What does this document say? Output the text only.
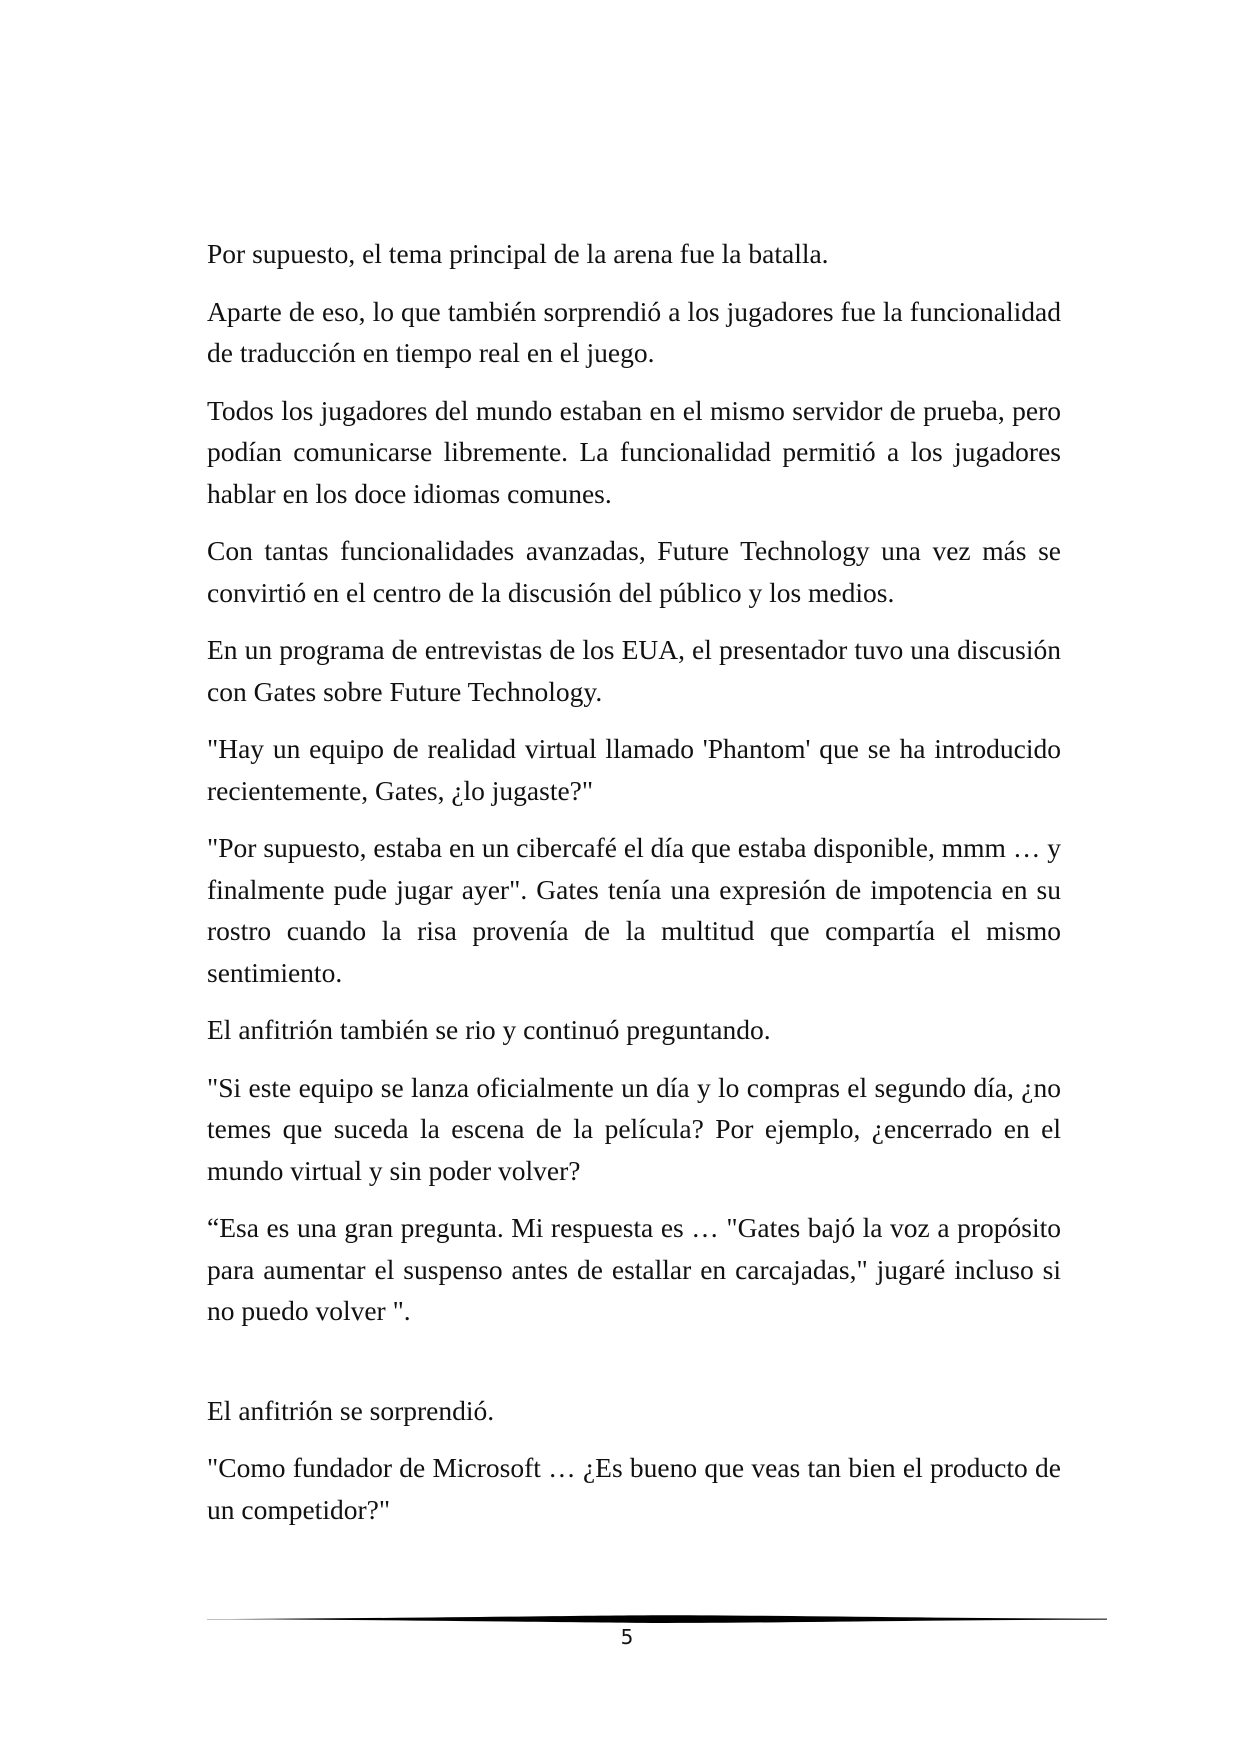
Por supuesto, el tema principal de la arena fue la batalla.

Aparte de eso, lo que también sorprendió a los jugadores fue la funcionalidad de traducción en tiempo real en el juego.

Todos los jugadores del mundo estaban en el mismo servidor de prueba, pero podían comunicarse libremente. La funcionalidad permitió a los jugadores hablar en los doce idiomas comunes.

Con tantas funcionalidades avanzadas, Future Technology una vez más se convirtió en el centro de la discusión del público y los medios.

En un programa de entrevistas de los EUA, el presentador tuvo una discusión con Gates sobre Future Technology.

"Hay un equipo de realidad virtual llamado 'Phantom' que se ha introducido recientemente, Gates, ¿lo jugaste?"

"Por supuesto, estaba en un cibercafé el día que estaba disponible, mmm … y finalmente pude jugar ayer". Gates tenía una expresión de impotencia en su rostro cuando la risa provenía de la multitud que compartía el mismo sentimiento.

El anfitrión también se rio y continuó preguntando.

"Si este equipo se lanza oficialmente un día y lo compras el segundo día, ¿no temes que suceda la escena de la película? Por ejemplo, ¿encerrado en el mundo virtual y sin poder volver?

“Esa es una gran pregunta. Mi respuesta es … "Gates bajó la voz a propósito para aumentar el suspenso antes de estallar en carcajadas," jugaré incluso si no puedo volver ".

El anfitrión se sorprendió.

"Como fundador de Microsoft … ¿Es bueno que veas tan bien el producto de un competidor?"

5
